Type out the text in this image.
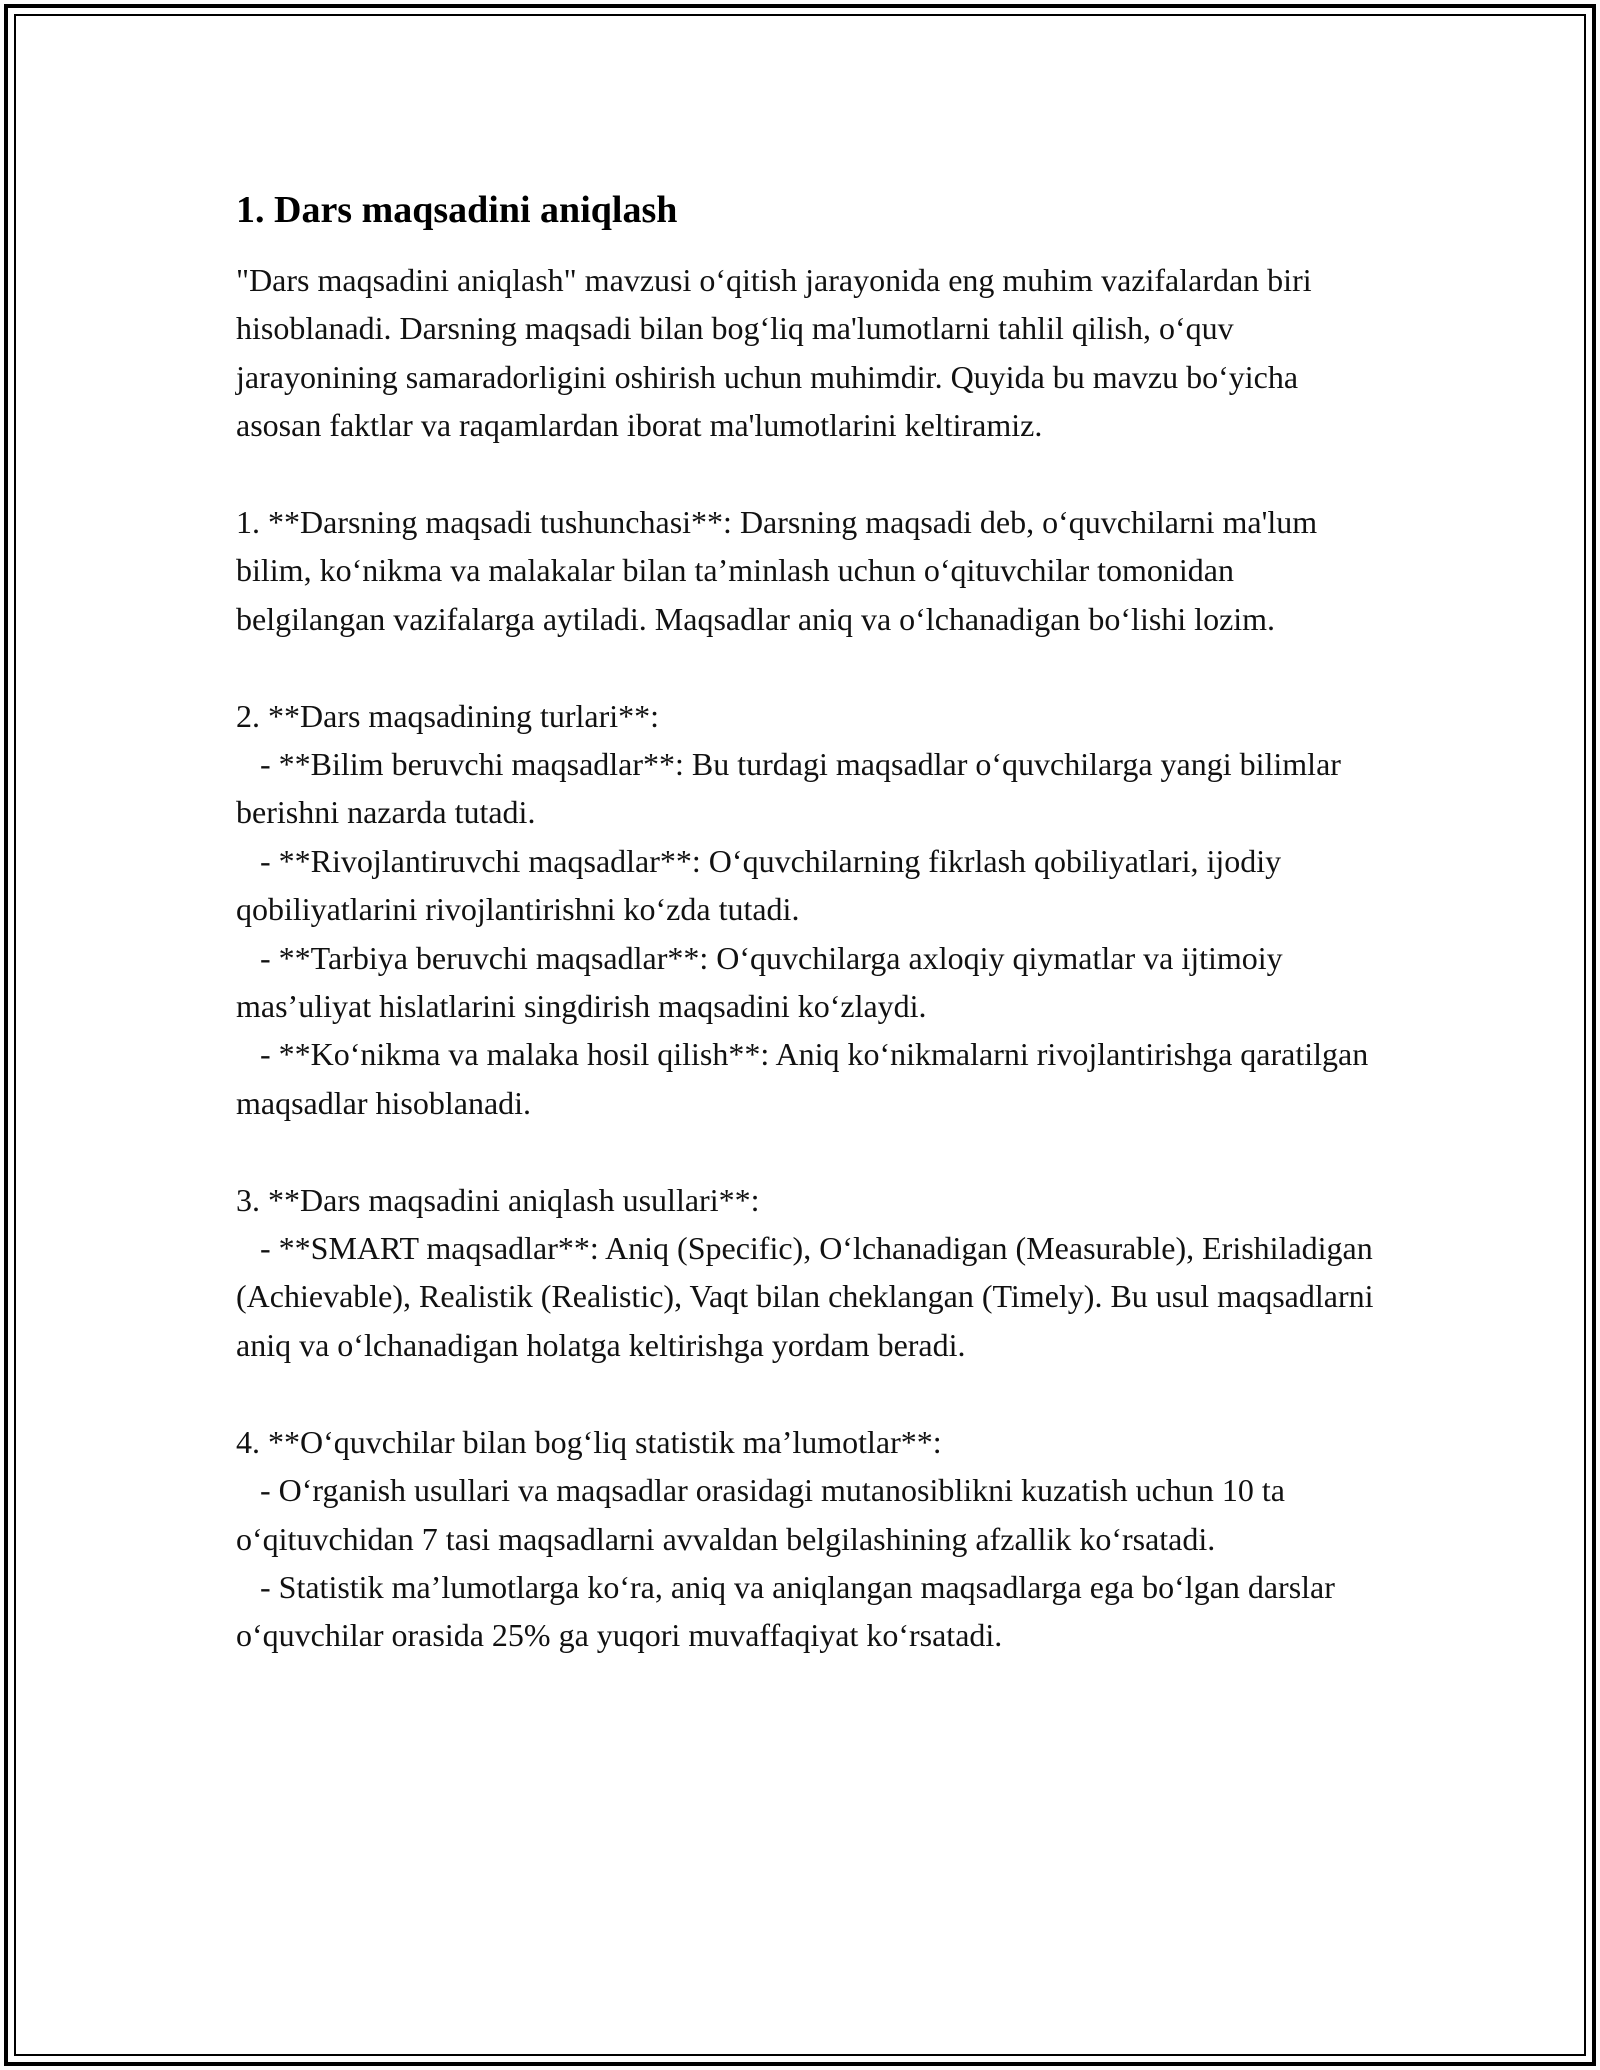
1. Dars maqsadini aniqlash

"Dars maqsadini aniqlash" mavzusi o‘qitish jarayonida eng muhim vazifalardan biri hisoblanadi. Darsning maqsadi bilan bog‘liq ma'lumotlarni tahlil qilish, o‘quv jarayonining samaradorligini oshirish uchun muhimdir. Quyida bu mavzu bo‘yicha asosan faktlar va raqamlardan iborat ma'lumotlarini keltiramiz.

1. **Darsning maqsadi tushunchasi**: Darsning maqsadi deb, o‘quvchilarni ma'lum bilim, ko‘nikma va malakalar bilan ta’minlash uchun o‘qituvchilar tomonidan belgilangan vazifalarga aytiladi. Maqsadlar aniq va o‘lchanadigan bo‘lishi lozim.

2. **Dars maqsadining turlari**:
- **Bilim beruvchi maqsadlar**: Bu turdagi maqsadlar o‘quvchilarga yangi bilimlar berishni nazarda tutadi.
- **Rivojlantiruvchi maqsadlar**: O‘quvchilarning fikrlash qobiliyatlari, ijodiy qobiliyatlarini rivojlantirishni ko‘zda tutadi.
- **Tarbiya beruvchi maqsadlar**: O‘quvchilarga axloqiy qiymatlar va ijtimoiy mas’uliyat hislatlarini singdirish maqsadini ko‘zlaydi.
- **Ko‘nikma va malaka hosil qilish**: Aniq ko‘nikmalarni rivojlantirishga qaratilgan maqsadlar hisoblanadi.

3. **Dars maqsadini aniqlash usullari**:
- **SMART maqsadlar**: Aniq (Specific), O‘lchanadigan (Measurable), Erishiladigan (Achievable), Realistik (Realistic), Vaqt bilan cheklangan (Timely). Bu usul maqsadlarni aniq va o‘lchanadigan holatga keltirishga yordam beradi.

4. **O‘quvchilar bilan bog‘liq statistik ma’lumotlar**:
- O‘rganish usullari va maqsadlar orasidagi mutanosiblikni kuzatish uchun 10 ta o‘qituvchidan 7 tasi maqsadlarni avvaldan belgilashining afzallik ko‘rsatadi.
- Statistik ma’lumotlarga ko‘ra, aniq va aniqlangan maqsadlarga ega bo‘lgan darslar o‘quvchilar orasida 25% ga yuqori muvaffaqiyat ko‘rsatadi.
